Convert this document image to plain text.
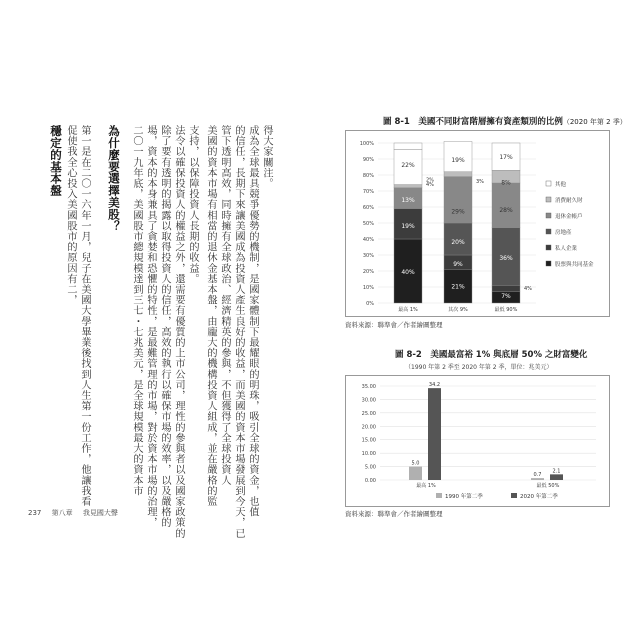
得大家關注。
成為全球最具競爭優勢的機制，是國家體制下最耀眼的明珠，吸引全球的資金，也值
的信任，長期下來讓美國成為投資人產生良好的收益，而美國的資本市場發展到今天，已
管下透明高效，同時擁有全球政治、經濟精英的參與，不但獲得了全球投資人
美國的資本市場有相當的退休金基本盤，由龐大的機構投資人組成，並在嚴格的監
支持，以保障投資人長期的收益。
法令以確保投資人的權益之外，還需要有優質的上市公司，理性的參與者以及國家政策的
除了要有透明的揭露以取得投資人的信任，高效的執行以確保市場的效率，以及嚴格的
場，資本的本身兼具了貪婪和恐懼的特性，是最難管理的市場，對於資本市場的治理，
二〇一九年底，美國股市總規模達到三七・七兆美元，是全球規模最大的資本市
為什麼要選擇美股？
第一是在二〇一六年一月，兒子在美國大學畢業後找到人生第一份工作，他讓我看
促使我全心投入美國股市的原因有二，
穩定的基本盤
237 第八章 我見國大聲
圖 8-1　美國不同財富階層擁有資產類別的比例（2020 年第 2 季）
0%
10%
20%
30%
40%
50%
60%
70%
80%
90%
100%
最高 1%	其次 9%	最低 90%
22%
13%
19%
40%
2%
4%
19%
3%
29%
20%
9%
21%
17%
8%
28%
36%
7%
4%
其他
消費耐久財
退休金帳戶
房地產
私人企業
股票與共同基金
資料來源：聯準會／作者繪圖整理
圖 8-2　美國最富裕 1% 與底層 50% 之財富變化
（1990 年第 2 季至 2020 年第 2 季，單位：兆美元）
0.00
5.00
10.00
15.00
20.00
25.00
30.00
35.00
5.0
34.2
最高 1%
0.7
2.1
最低 50%
1990 年第二季	2020 年第二季
資料來源：聯準會／作者繪圖整理
